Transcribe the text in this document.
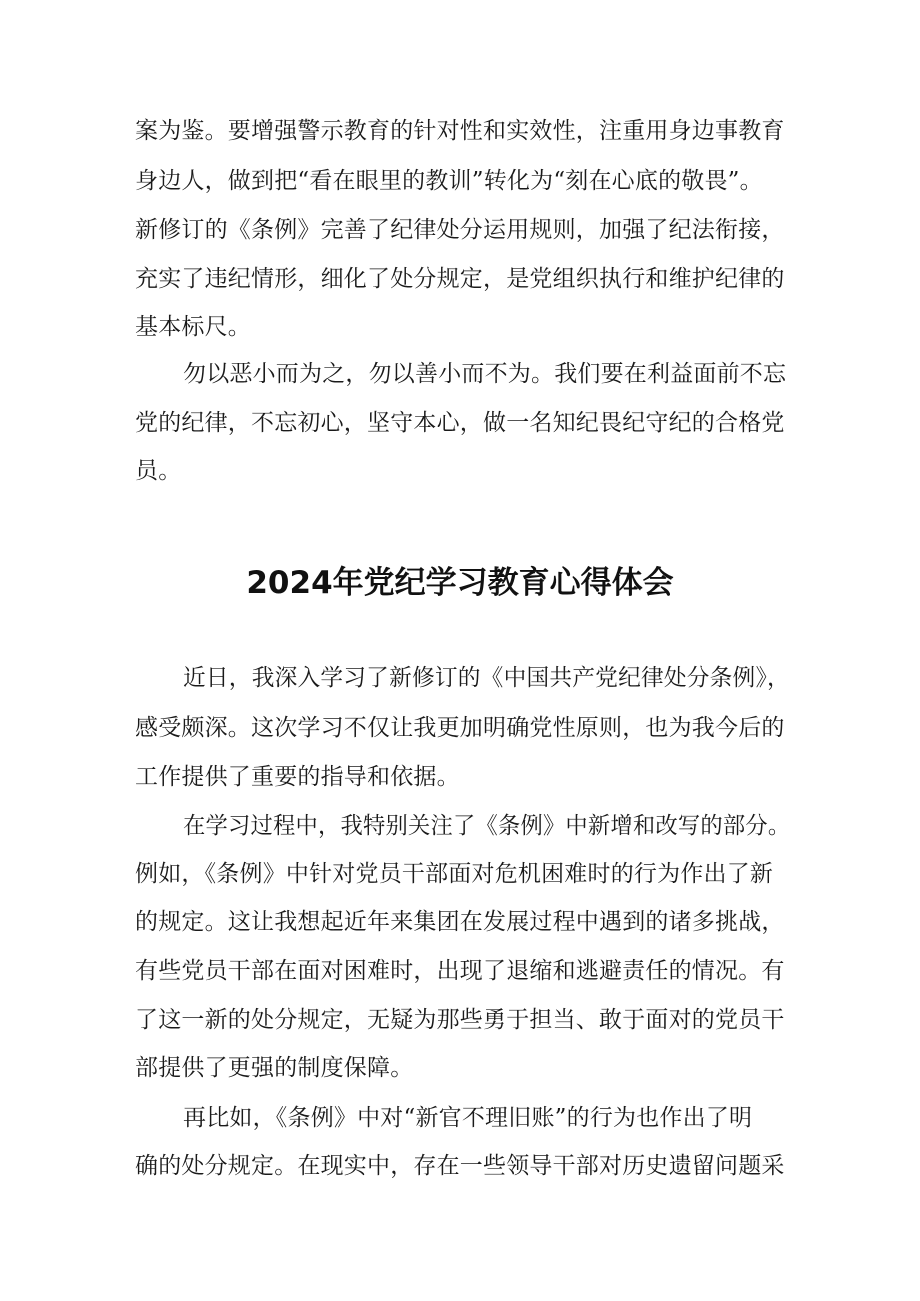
案为鉴。要增强警示教育的针对性和实效性，注重用身边事教育

身边人，做到把“看在眼里的教训”转化为“刻在心底的敬畏”。

新修订的《条例》完善了纪律处分运用规则，加强了纪法衔接，

充实了违纪情形，细化了处分规定，是党组织执行和维护纪律的

基本标尺。

勿以恶小而为之，勿以善小而不为。我们要在利益面前不忘

党的纪律，不忘初心，坚守本心，做一名知纪畏纪守纪的合格党

员。

2024年党纪学习教育心得体会

近日，我深入学习了新修订的《中国共产党纪律处分条例》，

感受颇深。这次学习不仅让我更加明确党性原则，也为我今后的

工作提供了重要的指导和依据。

在学习过程中，我特别关注了《条例》中新增和改写的部分。

例如，《条例》中针对党员干部面对危机困难时的行为作出了新

的规定。这让我想起近年来集团在发展过程中遇到的诸多挑战，

有些党员干部在面对困难时，出现了退缩和逃避责任的情况。有

了这一新的处分规定，无疑为那些勇于担当、敢于面对的党员干

部提供了更强的制度保障。

再比如，《条例》中对“新官不理旧账”的行为也作出了明

确的处分规定。在现实中，存在一些领导干部对历史遗留问题采
